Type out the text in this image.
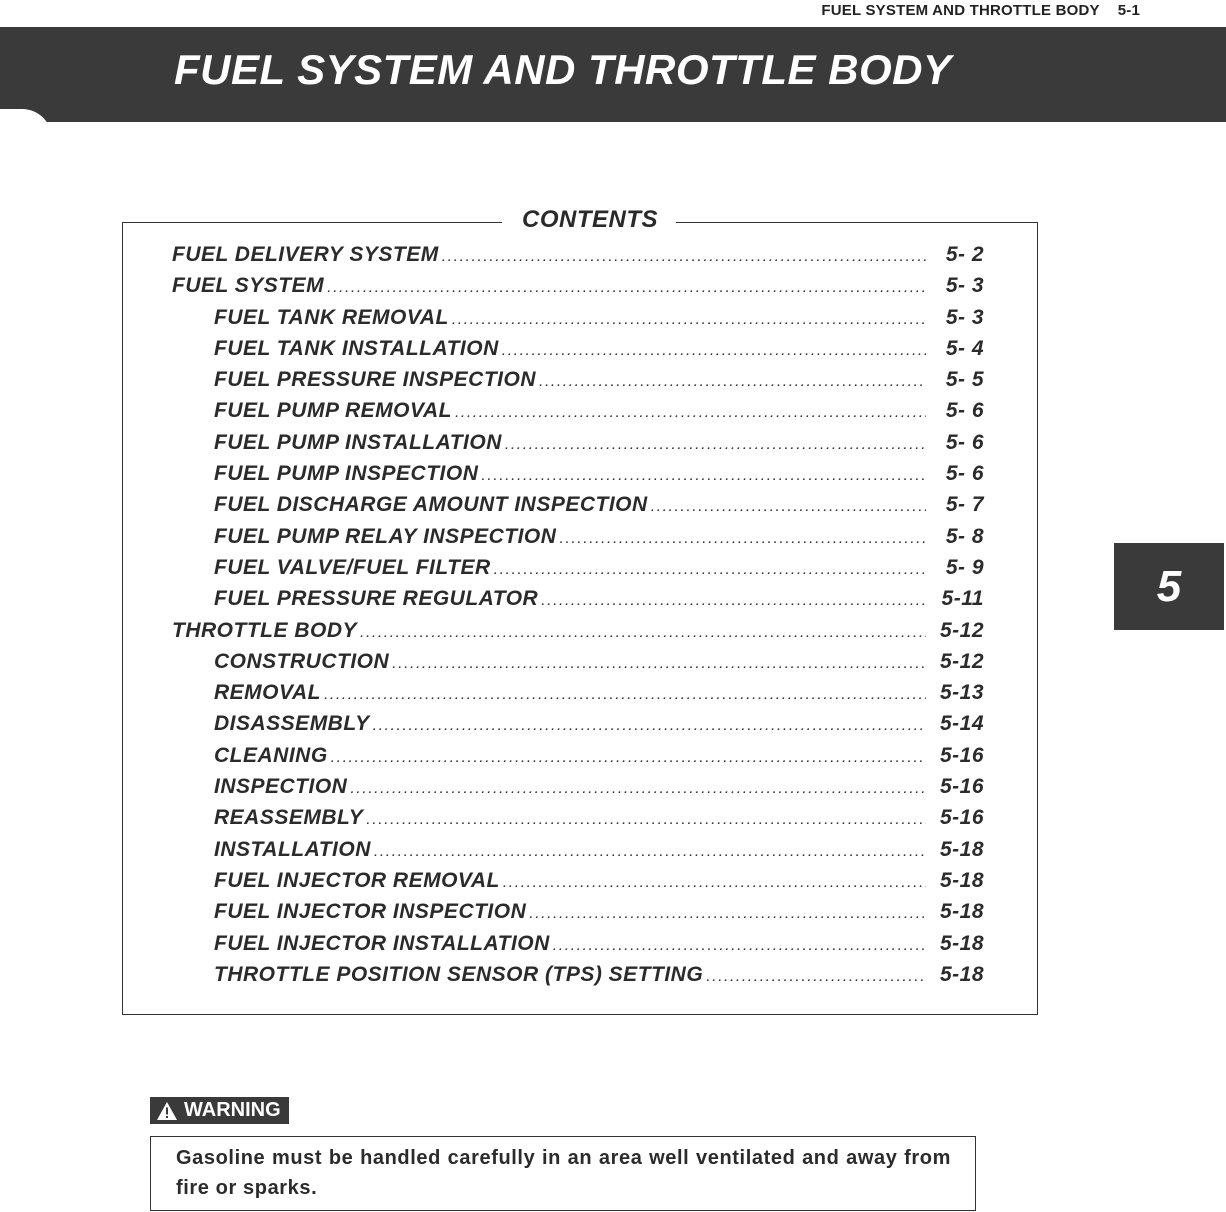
FUEL SYSTEM AND THROTTLE BODY 5-1
FUEL SYSTEM AND THROTTLE BODY
CONTENTS
FUEL DELIVERY SYSTEM .....	5- 2
FUEL SYSTEM .....	5- 3
FUEL TANK REMOVAL .....	5- 3
FUEL TANK INSTALLATION .....	5- 4
FUEL PRESSURE INSPECTION .....	5- 5
FUEL PUMP REMOVAL .....	5- 6
FUEL PUMP INSTALLATION .....	5- 6
FUEL PUMP INSPECTION .....	5- 6
FUEL DISCHARGE AMOUNT INSPECTION .....	5- 7
FUEL PUMP RELAY INSPECTION .....	5- 8
FUEL VALVE/FUEL FILTER .....	5- 9
FUEL PRESSURE REGULATOR .....	5-11
THROTTLE BODY .....	5-12
CONSTRUCTION .....	5-12
REMOVAL .....	5-13
DISASSEMBLY .....	5-14
CLEANING .....	5-16
INSPECTION .....	5-16
REASSEMBLY .....	5-16
INSTALLATION .....	5-18
FUEL INJECTOR REMOVAL .....	5-18
FUEL INJECTOR INSPECTION .....	5-18
FUEL INJECTOR INSTALLATION .....	5-18
THROTTLE POSITION SENSOR (TPS) SETTING .....	5-18
WARNING
Gasoline must be handled carefully in an area well ventilated and away from fire or sparks.
5
